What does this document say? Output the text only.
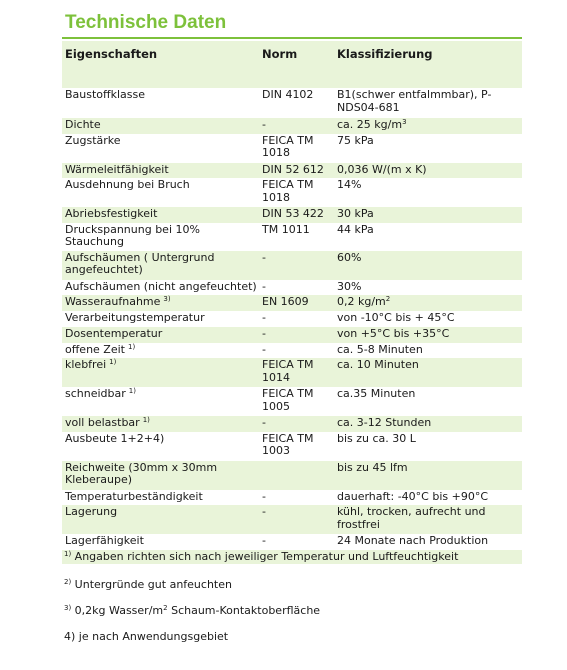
Technische Daten
Eigenschaften	Norm	Klassifizierung
Baustoffklasse	DIN 4102	B1(schwer entfalmmbar), P-NDS04-681
Dichte	-	ca. 25 $kg/m^3$
Zugstärke	FEICA TM 1018	75 kPa
Wärmeleitfähigkeit	DIN 52 612	0,036 W/(m x K)
Ausdehnung bei Bruch	FEICA TM 1018	14%
Abriebsfestigkeit	DIN 53 422	30 kPa
Druckspannung bei 10% Stauchung	TM 1011	44 kPa
Aufschäumen ( Untergrund angefeuchtet)	-	60%
Aufschäumen (nicht angefeuchtet)	-	30%
Wasseraufnahme $^{3)}$	EN 1609	0,2 $kg/m^2$
Verarbeitungstemperatur	-	von -10°C bis + 45°C
Dosentemperatur	-	von +5°C bis +35°C
offene Zeit $^{1)}$	-	ca. 5-8 Minuten
klebfrei $^{1)}$	FEICA TM 1014	ca. 10 Minuten
schneidbar $^{1)}$	FEICA TM 1005	ca.35 Minuten
voll belastbar $^{1)}$	-	ca. 3-12 Stunden
Ausbeute 1+2+4)	FEICA TM 1003	bis zu ca. 30 L
Reichweite (30mm x 30mm Kleberaupe)		bis zu 45 lfm
Temperaturbeständigkeit	-	dauerhaft: -40°C bis +90°C
Lagerung	-	kühl, trocken, aufrecht und frostfrei
Lagerfähigkeit	-	24 Monate nach Produktion

$^{1)}$ Angaben richten sich nach jeweiliger Temperatur und Luftfeuchtigkeit
$^{2)}$ Untergründe gut anfeuchten
$^{3)}$ 0,2kg Wasser/$m^2$ Schaum-Kontaktoberfläche
4) je nach Anwendungsgebiet
